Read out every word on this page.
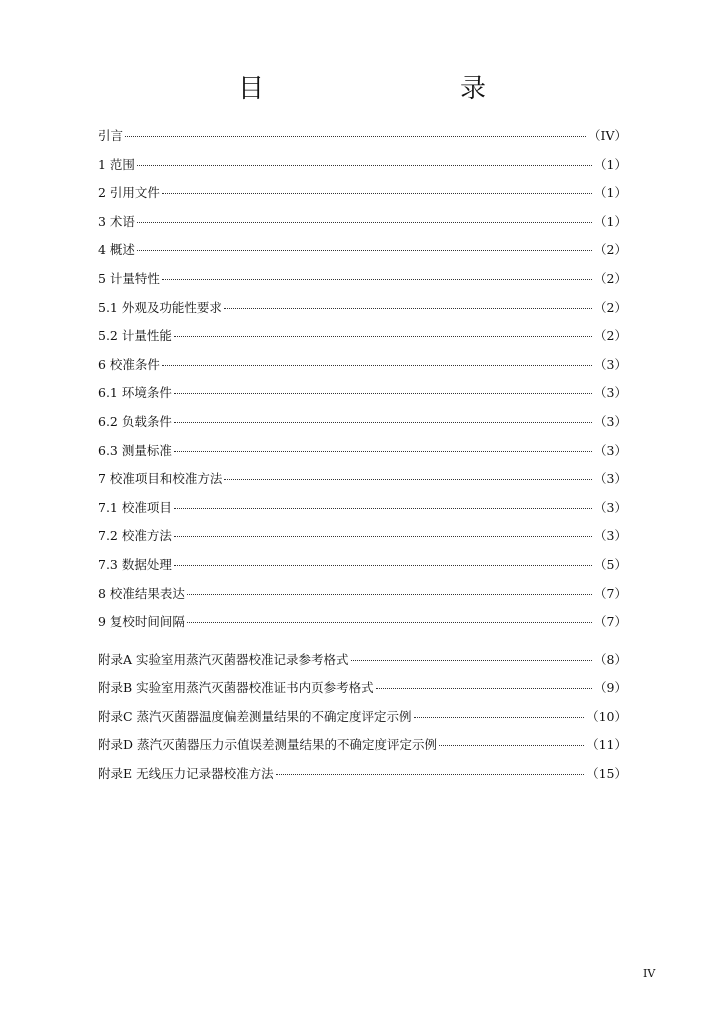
目　　录
引言	（IV）
1 范围	（1）
2 引用文件	（1）
3 术语	（1）
4 概述	（2）
5 计量特性	（2）
5.1 外观及功能性要求	（2）
5.2 计量性能	（2）
6 校准条件	（3）
6.1 环境条件	（3）
6.2 负载条件	（3）
6.3 测量标准	（3）
7 校准项目和校准方法	（3）
7.1 校准项目	（3）
7.2 校准方法	（3）
7.3 数据处理	（5）
8 校准结果表达	（7）
9 复校时间间隔	（7）
附录A 实验室用蒸汽灭菌器校准记录参考格式	（8）
附录B 实验室用蒸汽灭菌器校准证书内页参考格式	（9）
附录C 蒸汽灭菌器温度偏差测量结果的不确定度评定示例	（10）
附录D 蒸汽灭菌器压力示值误差测量结果的不确定度评定示例	（11）
附录E 无线压力记录器校准方法	（15）
IV
